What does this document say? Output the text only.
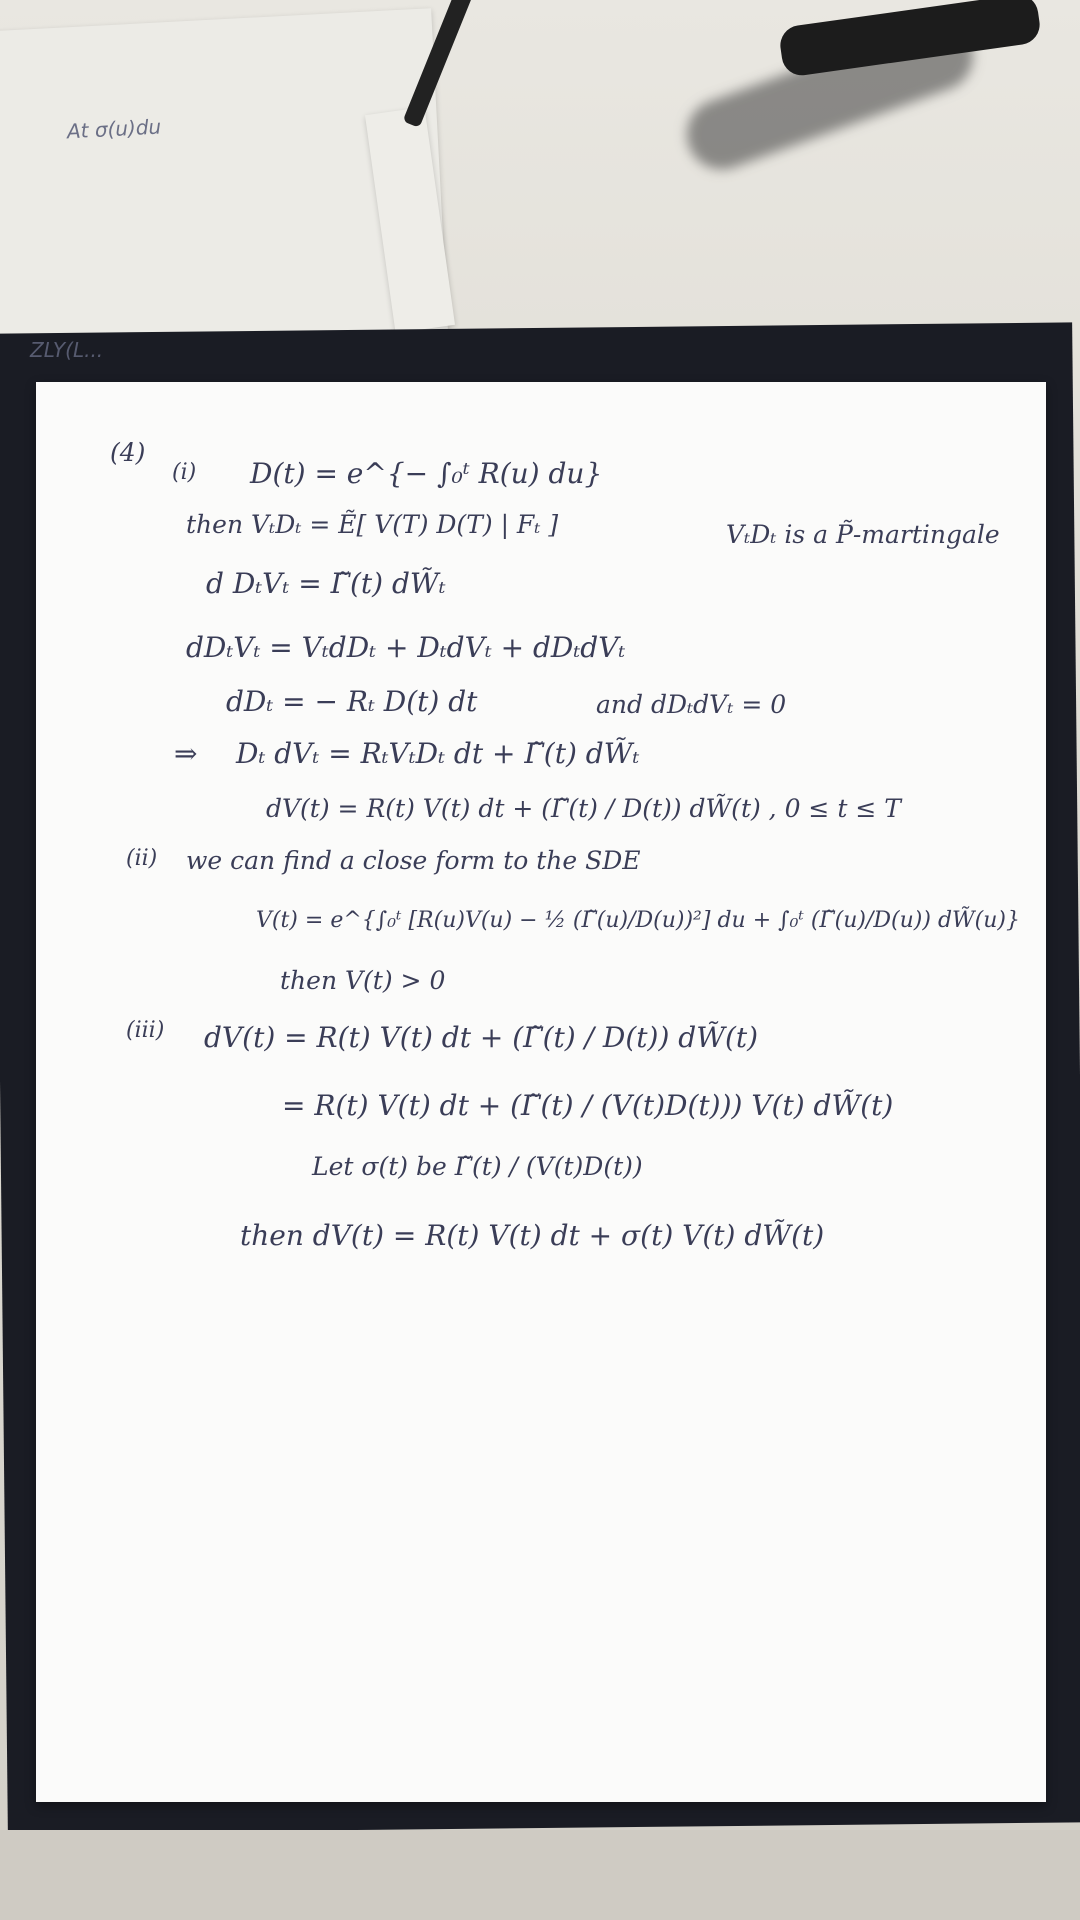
At σ(u)du
ZLY(L...
(4)
(i) D(t) = e^{− ∫₀ᵗ R(u) du}
then VₜDₜ = Ẽ[ V(T) D(T) | Fₜ ]	VₜDₜ is a P̃-martingale
d DₜVₜ = Γ̃(t) dW̃ₜ
dDₜVₜ = VₜdDₜ + DₜdVₜ + dDₜdVₜ
dDₜ = − Rₜ D(t) dt	and dDₜdVₜ = 0
⇒ Dₜ dVₜ = RₜVₜDₜ dt + Γ̃(t) dW̃ₜ
dV(t) = R(t) V(t) dt + (Γ̃(t) / D(t)) dW̃(t) , 0 ≤ t ≤ T
(ii) we can find a close form to the SDE
V(t) = e^{∫₀ᵗ [R(u)V(u) − ½ (Γ̃(u)/D(u))²] du + ∫₀ᵗ (Γ̃(u)/D(u)) dW̃(u)}
then V(t) > 0
(iii) dV(t) = R(t) V(t) dt + (Γ̃(t) / D(t)) dW̃(t)
= R(t) V(t) dt + (Γ̃(t) / (V(t)D(t))) V(t) dW̃(t)
Let σ(t) be Γ̃(t) / (V(t)D(t))
then dV(t) = R(t) V(t) dt + σ(t) V(t) dW̃(t)
